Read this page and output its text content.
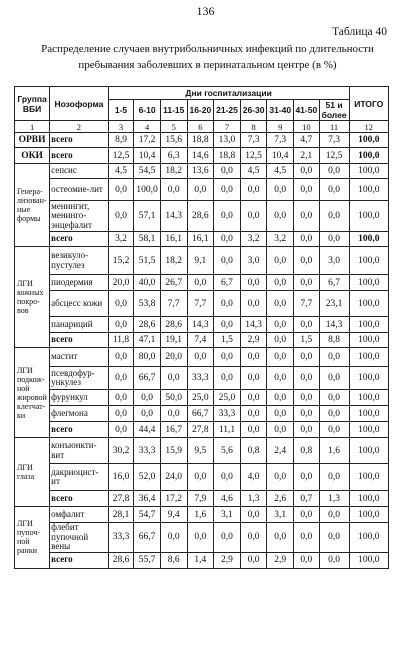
136
Таблица 40
Распределение случаев внутрибольничных инфекций по длительности
пребывания заболевших в перинатальном центре (в %)
Группа ВБИ	Нозоформа	Дни госпитализации									ИТОГО
		1-5	6-10	11-15	16-20	21-25	26-30	31-40	41-50	51 и более	
1	2	3	4	5	6	7	8	9	10	11	12
ОРВИ	всего	8,9	17,2	15,6	18,8	13,0	7,3	7,3	4,7	7,3	100,0
ОКИ	всего	12,5	10,4	6,3	14,6	18,8	12,5	10,4	2,1	12,5	100,0
Генера-лизован-ные формы	сепсис	4,5	54,5	18,2	13,6	0,0	4,5	4,5	0,0	0,0	100,0
	остеомие-лит	0,0	100,0	0,0	0,0	0,0	0,0	0,0	0,0	0,0	100,0
	менингит, менинго-энцефалит	0,0	57,1	14,3	28,6	0,0	0,0	0,0	0,0	0,0	100,0
	всего	3,2	58,1	16,1	16,1	0,0	3,2	3,2	0,0	0,0	100,0
ЛГИ кожных покро-вов	везикуло-пустулез	15,2	51,5	18,2	9,1	0,0	3,0	0,0	0,0	3,0	100,0
	пиодермия	20,0	40,0	26,7	0,0	6,7	0,0	0,0	0,0	6,7	100,0
	абсцесс кожи	0,0	53,8	7,7	7,7	0,0	0,0	0,0	7,7	23,1	100,0
	панариций	0,0	28,6	28,6	14,3	0,0	14,3	0,0	0,0	14,3	100,0
	всего	11,8	47,1	19,1	7,4	1,5	2,9	0,0	1,5	8,8	100,0
ЛГИ подкож-ной жировой клетчат-ки	мастит	0,0	80,0	20,0	0,0	0,0	0,0	0,0	0,0	0,0	100,0
	псевдофур-ункулез	0,0	66,7	0,0	33,3	0,0	0,0	0,0	0,0	0,0	100,0
	фурункул	0,0	0,0	50,0	25,0	25,0	0,0	0,0	0,0	0,0	100,0
	флегмона	0,0	0,0	0,0	66,7	33,3	0,0	0,0	0,0	0,0	100,0
	всего	0,0	44,4	16,7	27,8	11,1	0,0	0,0	0,0	0,0	100,0
ЛГИ глаза	конъюнкти-вит	30,2	33,3	15,9	9,5	5,6	0,8	2,4	0,8	1,6	100,0
	дакриоцист-ит	16,0	52,0	24,0	0,0	0,0	4,0	0,0	0,0	0,0	100,0
	всего	27,8	36,4	17,2	7,9	4,6	1,3	2,6	0,7	1,3	100,0
ЛГИ пупоч-ной ранки	омфалит	28,1	54,7	9,4	1,6	3,1	0,0	3,1	0,0	0,0	100,0
	флебит пупочной вены	33,3	66,7	0,0	0,0	0,0	0,0	0,0	0,0	0,0	100,0
	всего	28,6	55,7	8,6	1,4	2,9	0,0	2,9	0,0	0,0	100,0
